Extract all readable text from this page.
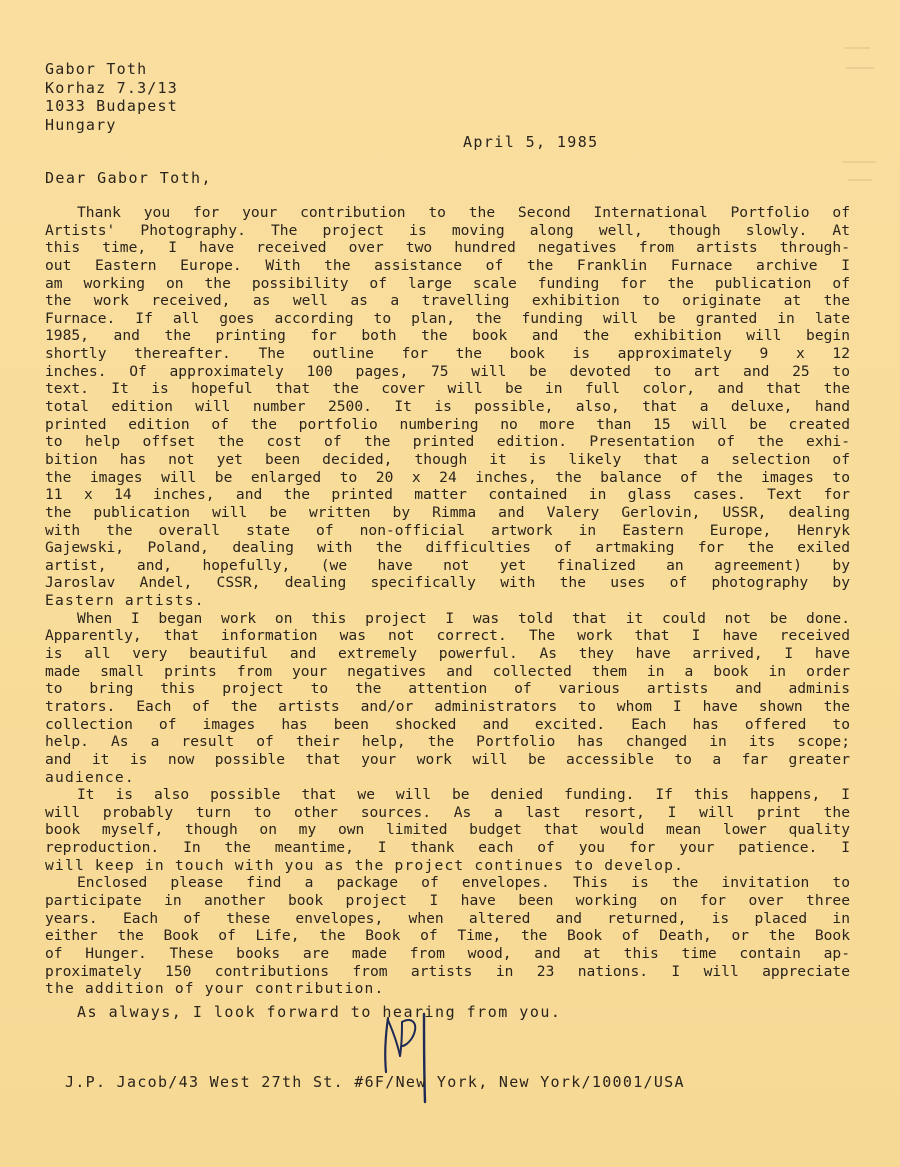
Gabor Toth
Korhaz 7.3/13
1033 Budapest
Hungary
April 5, 1985
Dear Gabor Toth,
Thank you for your contribution to the Second International Portfolio of
Artists' Photography. The project is moving along well, though slowly. At
this time, I have received over two hundred negatives from artists through-
out Eastern Europe. With the assistance of the Franklin Furnace archive I
am working on the possibility of large scale funding for the publication of
the work received, as well as a travelling exhibition to originate at the
Furnace. If all goes according to plan, the funding will be granted in late
1985, and the printing for both the book and the exhibition will begin
shortly thereafter. The outline for the book is approximately 9 x 12
inches. Of approximately 100 pages, 75 will be devoted to art and 25 to
text. It is hopeful that the cover will be in full color, and that the
total edition will number 2500. It is possible, also, that a deluxe, hand
printed edition of the portfolio numbering no more than 15 will be created
to help offset the cost of the printed edition. Presentation of the exhi-
bition has not yet been decided, though it is likely that a selection of
the images will be enlarged to 20 x 24 inches, the balance of the images to
11 x 14 inches, and the printed matter contained in glass cases. Text for
the publication will be written by Rimma and Valery Gerlovin, USSR, dealing
with the overall state of non-official artwork in Eastern Europe, Henryk
Gajewski, Poland, dealing with the difficulties of artmaking for the exiled
artist, and, hopefully, (we have not yet finalized an agreement) by
Jaroslav Andel, CSSR, dealing specifically with the uses of photography by
Eastern artists.
When I began work on this project I was told that it could not be done.
Apparently, that information was not correct. The work that I have received
is all very beautiful and extremely powerful. As they have arrived, I have
made small prints from your negatives and collected them in a book in order
to bring this project to the attention of various artists and adminis
trators. Each of the artists and/or administrators to whom I have shown the
collection of images has been shocked and excited. Each has offered to
help. As a result of their help, the Portfolio has changed in its scope;
and it is now possible that your work will be accessible to a far greater
audience.
It is also possible that we will be denied funding. If this happens, I
will probably turn to other sources. As a last resort, I will print the
book myself, though on my own limited budget that would mean lower quality
reproduction. In the meantime, I thank each of you for your patience. I
will keep in touch with you as the project continues to develop.
Enclosed please find a package of envelopes. This is the invitation to
participate in another book project I have been working on for over three
years. Each of these envelopes, when altered and returned, is placed in
either the Book of Life, the Book of Time, the Book of Death, or the Book
of Hunger. These books are made from wood, and at this time contain ap-
proximately 150 contributions from artists in 23 nations. I will appreciate
the addition of your contribution.
As always, I look forward to hearing from you.
J.P. Jacob/43 West 27th St. #6F/New York, New York/10001/USA
